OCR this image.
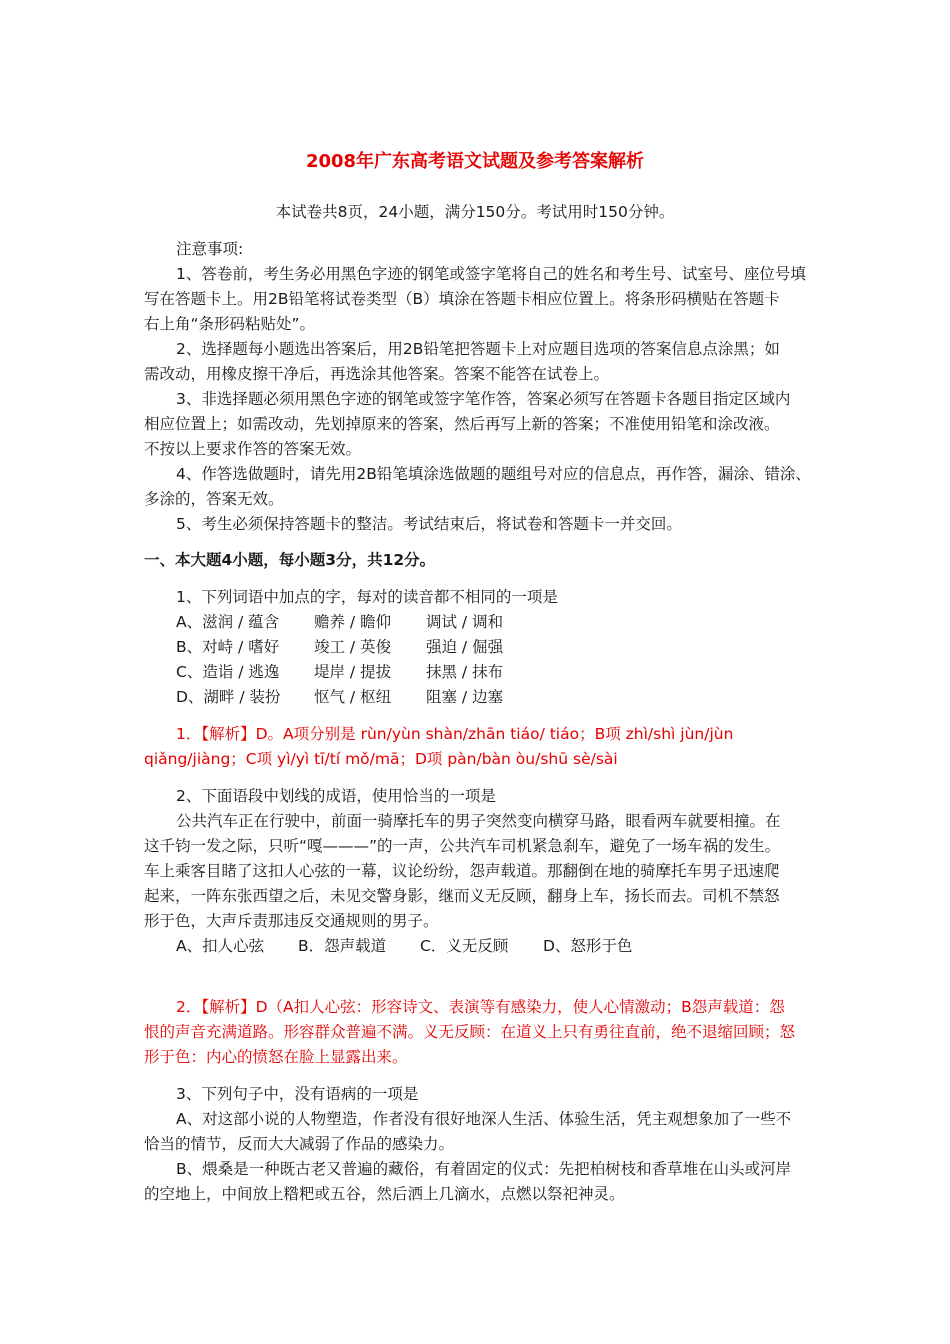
2008年广东高考语文试题及参考答案解析
本试卷共8页，24小题，满分150分。考试用时150分钟。
注意事项:
1、答卷前，考生务必用黑色字迹的钢笔或签字笔将自己的姓名和考生号、试室号、座位号填
写在答题卡上。用2B铅笔将试卷类型（B）填涂在答题卡相应位置上。将条形码横贴在答题卡
右上角“条形码粘贴处”。
2、选择题每小题选出答案后，用2B铅笔把答题卡上对应题目选项的答案信息点涂黑；如
需改动，用橡皮擦干净后，再选涂其他答案。答案不能答在试卷上。
3、非选择题必须用黑色字迹的钢笔或签字笔作答，答案必须写在答题卡各题目指定区域内
相应位置上；如需改动，先划掉原来的答案，然后再写上新的答案；不准使用铅笔和涂改液。
不按以上要求作答的答案无效。
4、作答选做题时，请先用2B铅笔填涂选做题的题组号对应的信息点，再作答，漏涂、错涂、
多涂的，答案无效。
5、考生必须保持答题卡的整洁。考试结束后，将试卷和答题卡一并交回。
一、本大题4小题，每小题3分，共12分。
1、下列词语中加点的字，每对的读音都不相同的一项是
A、滋润 / 蕴含 赡养 / 瞻仰 调试 / 调和
B、对峙 / 嗜好 竣工 / 英俊 强迫 / 倔强
C、造诣 / 逃逸 堤岸 / 提拔 抹黑 / 抹布
D、湖畔 / 装扮 怄气 / 枢纽 阻塞 / 边塞
1．【解析】D。A项分别是 rùn/yùn shàn/zhān tiáo/ tiáo；B项 zhì/shì jùn/jùn
qiǎng/jiàng；C项 yì/yì tī/tí mǒ/mā；D项 pàn/bàn òu/shū sè/sài
2、下面语段中划线的成语，使用恰当的一项是
公共汽车正在行驶中，前面一骑摩托车的男子突然变向横穿马路，眼看两车就要相撞。在
这千钧一发之际，只听“嘎———”的一声，公共汽车司机紧急刹车，避免了一场车祸的发生。
车上乘客目睹了这扣人心弦的一幕，议论纷纷，怨声载道。那翻倒在地的骑摩托车男子迅速爬
起来，一阵东张西望之后，未见交警身影，继而义无反顾，翻身上车，扬长而去。司机不禁怒
形于色，大声斥责那违反交通规则的男子。
A、扣人心弦 B．怨声载道 C．义无反顾 D、怒形于色
2．【解析】D（A扣人心弦：形容诗文、表演等有感染力，使人心情激动；B怨声载道：怨
恨的声音充满道路。形容群众普遍不满。义无反顾：在道义上只有勇往直前，绝不退缩回顾；怒
形于色：内心的愤怒在脸上显露出来。
3、下列句子中，没有语病的一项是
A、对这部小说的人物塑造，作者没有很好地深人生活、体验生活，凭主观想象加了一些不
恰当的情节，反而大大减弱了作品的感染力。
B、煨桑是一种既古老又普遍的藏俗，有着固定的仪式：先把柏树枝和香草堆在山头或河岸
的空地上，中间放上糌粑或五谷，然后洒上几滴水，点燃以祭祀神灵。
